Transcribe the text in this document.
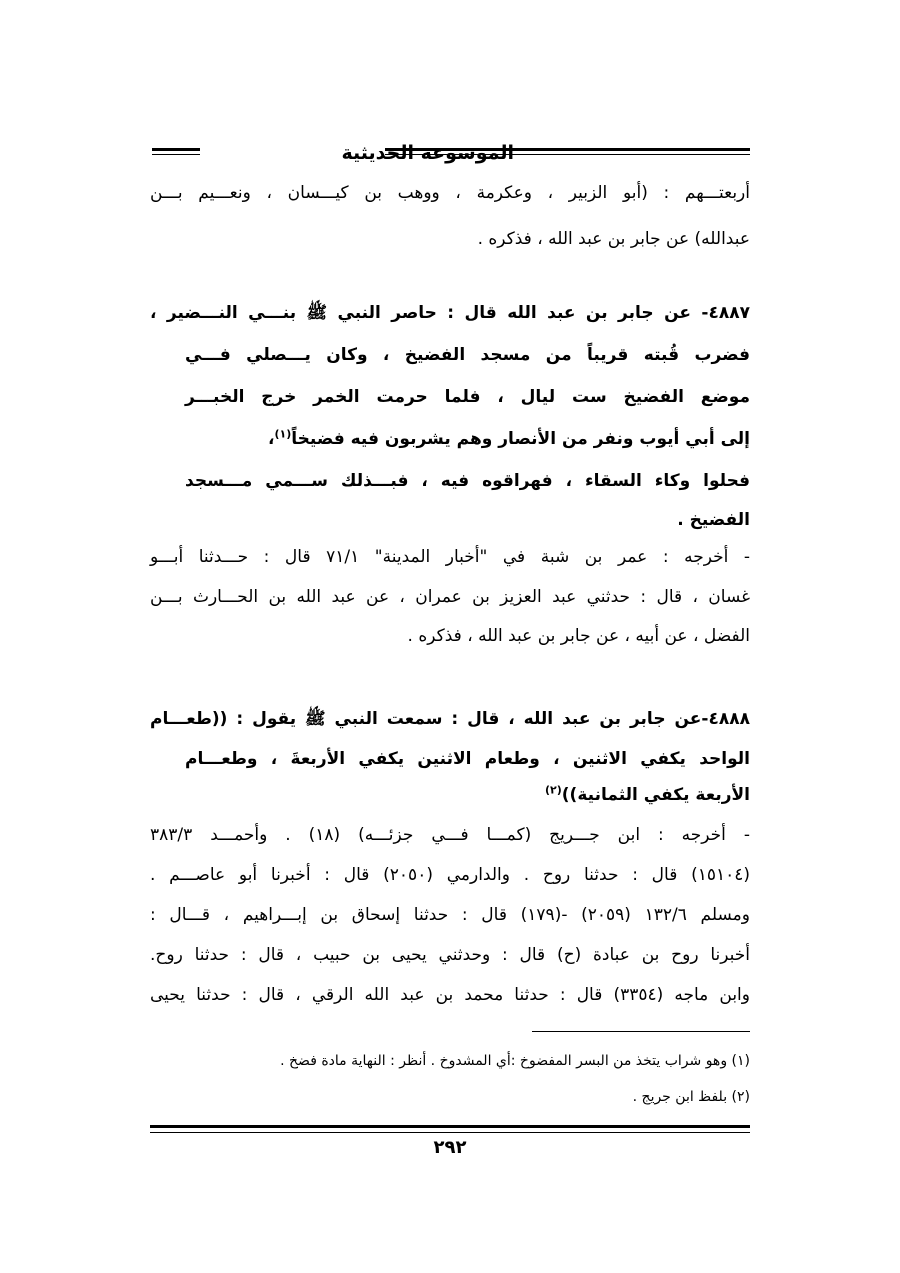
الموسوعة الحديثية
أربعتـــهم : (أبو الزبير ، وعكرمة ، ووهب بن كيـــسان ، ونعـــيم بـــن
عبدالله) عن جابر بن عبد الله ، فذكره .
٤٨٨٧- عن جابر بن عبد الله قال : حاصر النبي ﷺ بنـــي النـــضير ،
فضرب قُبته قريباً من مسجد الفضيخ ، وكان يـــصلي فـــي
موضع الفضيخ ست ليال ، فلما حرمت الخمر خرج الخبـــر
إلى أبي أيوب ونفر من الأنصار وهم يشربون فيه فضيخاً$^{(١)}$،
فحلوا وكاء السقاء ، فهراقوه فيه ، فبـــذلك ســـمي مـــسجد
الفضيخ .
- أخرجه : عمر بن شبة في "أخبار المدينة" ٧١/١ قال : حـــدثنا أبـــو
غسان ، قال : حدثني عبد العزيز بن عمران ، عن عبد الله بن الحـــارث بـــن
الفضل ، عن أبيه ، عن جابر بن عبد الله ، فذكره .
٤٨٨٨-عن جابر بن عبد الله ، قال : سمعت النبي ﷺ يقول : ((طعـــام
الواحد يكفي الاثنين ، وطعام الاثنين يكفي الأربعةَ ، وطعـــام
الأربعة يكفي الثمانية))$^{(٢)}$
- أخرجه : ابن جـــريج (كمـــا فـــي جزئـــه) (١٨) . وأحمـــد ٣٨٣/٣
(١٥١٠٤) قال : حدثنا روح . والدارمي (٢٠٥٠) قال : أخبرنا أبو عاصـــم .
ومسلم ١٣٢/٦ (٢٠٥٩) -(١٧٩) قال : حدثنا إسحاق بن إبـــراهيم ، قـــال :
أخبرنا روح بن عبادة (ح) قال : وحدثني يحيى بن حبيب ، قال : حدثنا روح.
وابن ماجه (٣٣٥٤) قال : حدثنا محمد بن عبد الله الرقي ، قال : حدثنا يحيى
(١) وهو شراب يتخذ من البسر المفضوخ :أي المشدوخ . أنظر : النهاية مادة فضخ .
(٢) بلفظ ابن جريج .
٢٩٢
